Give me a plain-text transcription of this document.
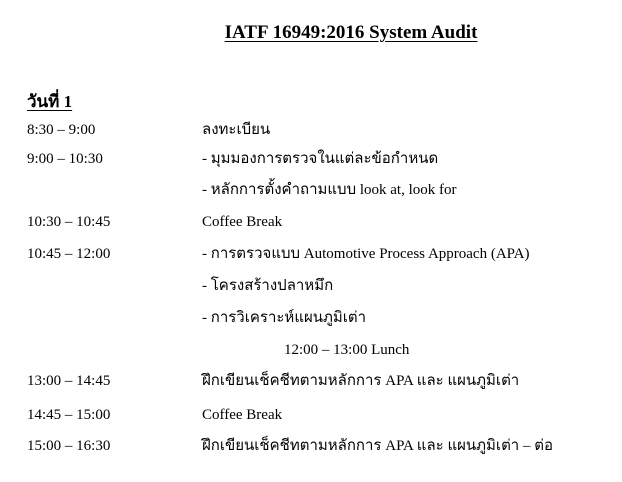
IATF 16949:2016 System Audit
วันที่ 1
8:30 – 9:00	ลงทะเบียน
9:00 – 10:30	- มุมมองการตรวจในแต่ละข้อกำหนด
- หลักการตั้งคำถามแบบ look at, look for
10:30 – 10:45	Coffee Break
10:45 – 12:00	- การตรวจแบบ Automotive Process Approach (APA)
- โครงสร้างปลาหมึก
- การวิเคราะห์แผนภูมิเต่า
12:00 – 13:00 Lunch
13:00 – 14:45	ฝึกเขียนเช็คชีทตามหลักการ APA และ แผนภูมิเต่า
14:45 – 15:00	Coffee Break
15:00 – 16:30	ฝึกเขียนเช็คชีทตามหลักการ APA และ แผนภูมิเต่า – ต่อ
